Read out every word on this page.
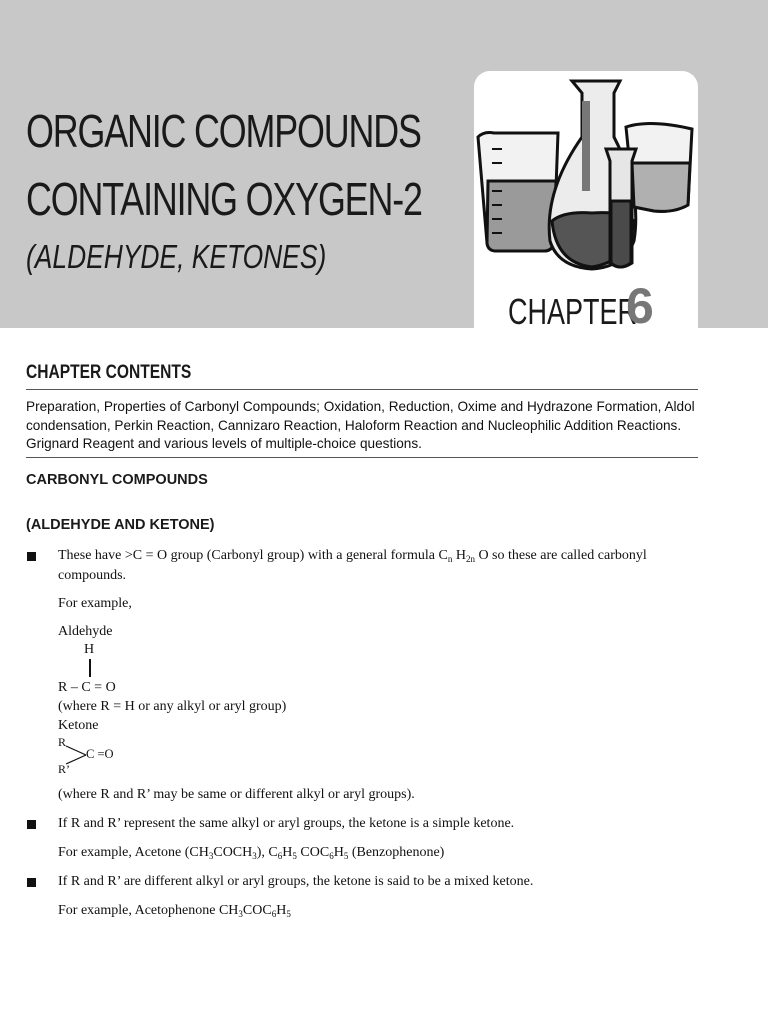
ORGANIC COMPOUNDS
CONTAINING OXYGEN-2
(ALDEHYDE, KETONES)
CHAPTER
6
CHAPTER CONTENTS
Preparation, Properties of Carbonyl Compounds; Oxidation, Reduction, Oxime and Hydrazone Formation, Aldol condensation, Perkin Reaction, Cannizaro Reaction, Haloform Reaction and Nucleophilic Addition Reactions. Grignard Reagent and various levels of multiple-choice questions.
CARBONYL COMPOUNDS
(ALDEHYDE AND KETONE)
These have >C = O group (Carbonyl group) with a general formula $C_n$ $H_{2n}$ O so these are called carbonyl
compounds.
For example,
Aldehyde
H
R – C = O
(where R = H or any alkyl or aryl group)
Ketone
R
C =O
R’
(where R and R’ may be same or different alkyl or aryl groups).
If R and R’ represent the same alkyl or aryl groups, the ketone is a simple ketone.
For example, Acetone $(CH_3COCH_3)$, $C_6H_5$ $COC_6H_5$ (Benzophenone)
If R and R’ are different alkyl or aryl groups, the ketone is said to be a mixed ketone.
For example, Acetophenone $CH_3COC_6H_5$
